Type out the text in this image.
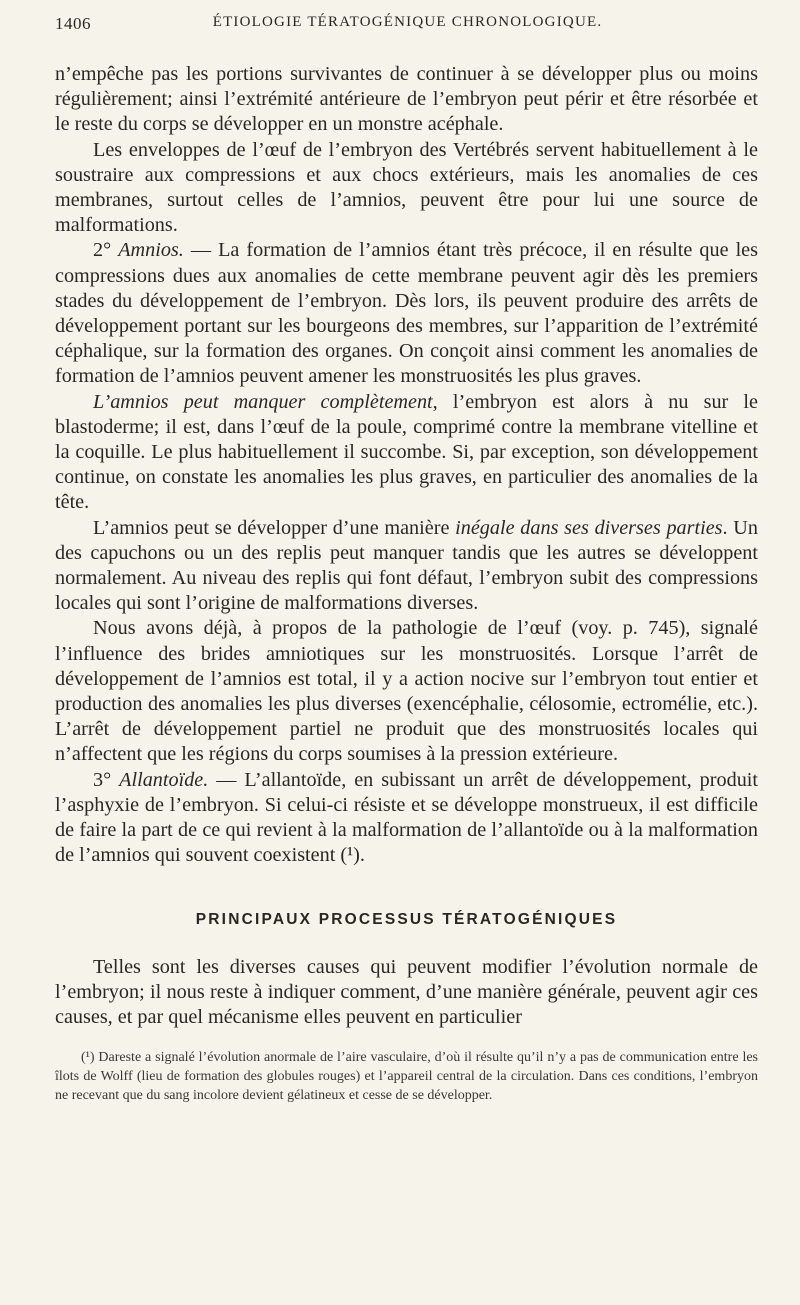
1406	ÉTIOLOGIE TÉRATOGÉNIQUE CHRONOLOGIQUE.

n’empêche pas les portions survivantes de continuer à se développer plus ou moins régulièrement; ainsi l’extrémité antérieure de l’embryon peut périr et être résorbée et le reste du corps se développer en un monstre acéphale.

Les enveloppes de l’œuf de l’embryon des Vertébrés servent habituellement à le soustraire aux compressions et aux chocs extérieurs, mais les anomalies de ces membranes, surtout celles de l’amnios, peuvent être pour lui une source de malformations.

2° Amnios. — La formation de l’amnios étant très précoce, il en résulte que les compressions dues aux anomalies de cette membrane peuvent agir dès les premiers stades du développement de l’embryon. Dès lors, ils peuvent produire des arrêts de développement portant sur les bourgeons des membres, sur l’apparition de l’extrémité céphalique, sur la formation des organes. On conçoit ainsi comment les anomalies de formation de l’amnios peuvent amener les monstruosités les plus graves.

L’amnios peut manquer complètement, l’embryon est alors à nu sur le blastoderme; il est, dans l’œuf de la poule, comprimé contre la membrane vitelline et la coquille. Le plus habituellement il succombe. Si, par exception, son développement continue, on constate les anomalies les plus graves, en particulier des anomalies de la tête.

L’amnios peut se développer d’une manière inégale dans ses diverses parties. Un des capuchons ou un des replis peut manquer tandis que les autres se développent normalement. Au niveau des replis qui font défaut, l’embryon subit des compressions locales qui sont l’origine de malformations diverses.

Nous avons déjà, à propos de la pathologie de l’œuf (voy. p. 745), signalé l’influence des brides amniotiques sur les monstruosités. Lorsque l’arrêt de développement de l’amnios est total, il y a action nocive sur l’embryon tout entier et production des anomalies les plus diverses (exencéphalie, célosomie, ectromélie, etc.). L’arrêt de développement partiel ne produit que des monstruosités locales qui n’affectent que les régions du corps soumises à la pression extérieure.

3° Allantoïde. — L’allantoïde, en subissant un arrêt de développement, produit l’asphyxie de l’embryon. Si celui-ci résiste et se développe monstrueux, il est difficile de faire la part de ce qui revient à la malformation de l’allantoïde ou à la malformation de l’amnios qui souvent coexistent (¹).

PRINCIPAUX PROCESSUS TÉRATOGÉNIQUES

Telles sont les diverses causes qui peuvent modifier l’évolution normale de l’embryon; il nous reste à indiquer comment, d’une manière générale, peuvent agir ces causes, et par quel mécanisme elles peuvent en particulier

(¹) Dareste a signalé l’évolution anormale de l’aire vasculaire, d’où il résulte qu’il n’y a pas de communication entre les îlots de Wolff (lieu de formation des globules rouges) et l’appareil central de la circulation. Dans ces conditions, l’embryon ne recevant que du sang incolore devient gélatineux et cesse de se développer.
